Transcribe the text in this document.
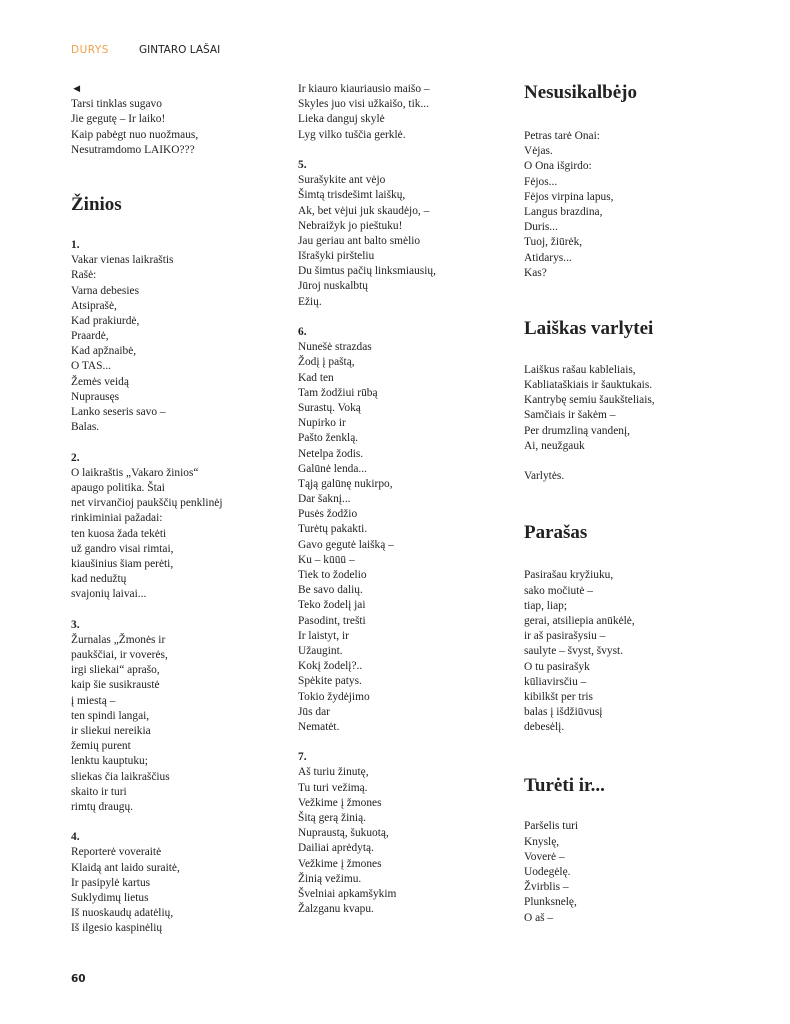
DURYS	GINTARO LAŠAI
◄
Tarsi tinklas sugavo
Jie gegutę – Ir laiko!
Kaip pabėgt nuo nuožmaus,
Nesutramdomo LAIKO???
Žinios
1.
Vakar vienas laikraštis
Rašė:
Varna debesies
Atsiprašė,
Kad prakiurdė,
Praardė,
Kad apžnaibė,
O TAS...
Žemės veidą
Nuprausęs
Lanko seseris savo –
Balas.
2.
O laikraštis „Vakaro žinios“
apaugo politika. Štai
net virvančioj paukščių penklinėj
rinkiminiai pažadai:
ten kuosa žada tekėti
už gandro visai rimtai,
kiaušinius šiam perėti,
kad nedužtų
svajonių laivai...
3.
Žurnalas „Žmonės ir
paukščiai, ir voverės,
irgi sliekai“ aprašo,
kaip šie susikraustė
į miestą –
ten spindi langai,
ir sliekui nereikia
žemių purent
lenktu kauptuku;
sliekas čia laikraščius
skaito ir turi
rimtų draugų.
4.
Reporterė voveraitė
Klaidą ant laido suraitė,
Ir pasipylė kartus
Suklydimų lietus
Iš nuoskaudų adatėlių,
Iš ilgesio kaspinėlių
Ir kiauro kiauriausio maišo –
Skyles juo visi užkaišo, tik...
Lieka danguj skylė
Lyg vilko tuščia gerklė.
5.
Surašykite ant vėjo
Šimtą trisdešimt laiškų,
Ak, bet vėjui juk skaudėjo, –
Nebraižyk jo pieštuku!
Jau geriau ant balto smėlio
Išrašyki piršteliu
Du šimtus pačių linksmiausių,
Jūroj nuskalbtų
Ežių.
6.
Nunešė strazdas
Žodį į paštą,
Kad ten
Tam žodžiui rūbą
Surastų. Voką
Nupirko ir
Pašto ženklą.
Netelpa žodis.
Galūnė lenda...
Tąją galūnę nukirpo,
Dar šaknį...
Pusės žodžio
Turėtų pakakti.
Gavo gegutė laišką –
Ku – kūūū –
Tiek to žodelio
Be savo dalių.
Teko žodelį jai
Pasodint, trešti
Ir laistyt, ir
Užaugint.
Kokį žodelį?..
Spėkite patys.
Tokio žydėjimo
Jūs dar
Nematėt.
7.
Aš turiu žinutę,
Tu turi vežimą.
Vežkime į žmones
Šitą gerą žinią.
Nupraustą, šukuotą,
Dailiai aprėdytą.
Vežkime į žmones
Žinią vežimu.
Švelniai apkamšykim
Žalzganu kvapu.
Nesusikalbėjo
Petras tarė Onai:
Vėjas.
O Ona išgirdo:
Fėjos...
Fėjos virpina lapus,
Langus brazdina,
Duris...
Tuoj, žiūrėk,
Atidarys...
Kas?
Laiškas varlytei
Laiškus rašau kableliais,
Kabliataškiais ir šauktukais.
Kantrybę semiu šaukšteliais,
Samčiais ir šakėm –
Per drumzliną vandenį,
Ai, neužgauk
Varlytės.
Parašas
Pasirašau kryžiuku,
sako močiutė –
tiap, liap;
gerai, atsiliepia anūkėlė,
ir aš pasirašysiu –
saulyte – švyst, švyst.
O tu pasirašyk
kūliavirsčiu –
kibilkšt per tris
balas į išdžiūvusį
debesėlį.
Turėti ir...
Paršelis turi
Knyslę,
Voverė –
Uodegėlę.
Žvirblis –
Plunksnelę,
O aš –
60
